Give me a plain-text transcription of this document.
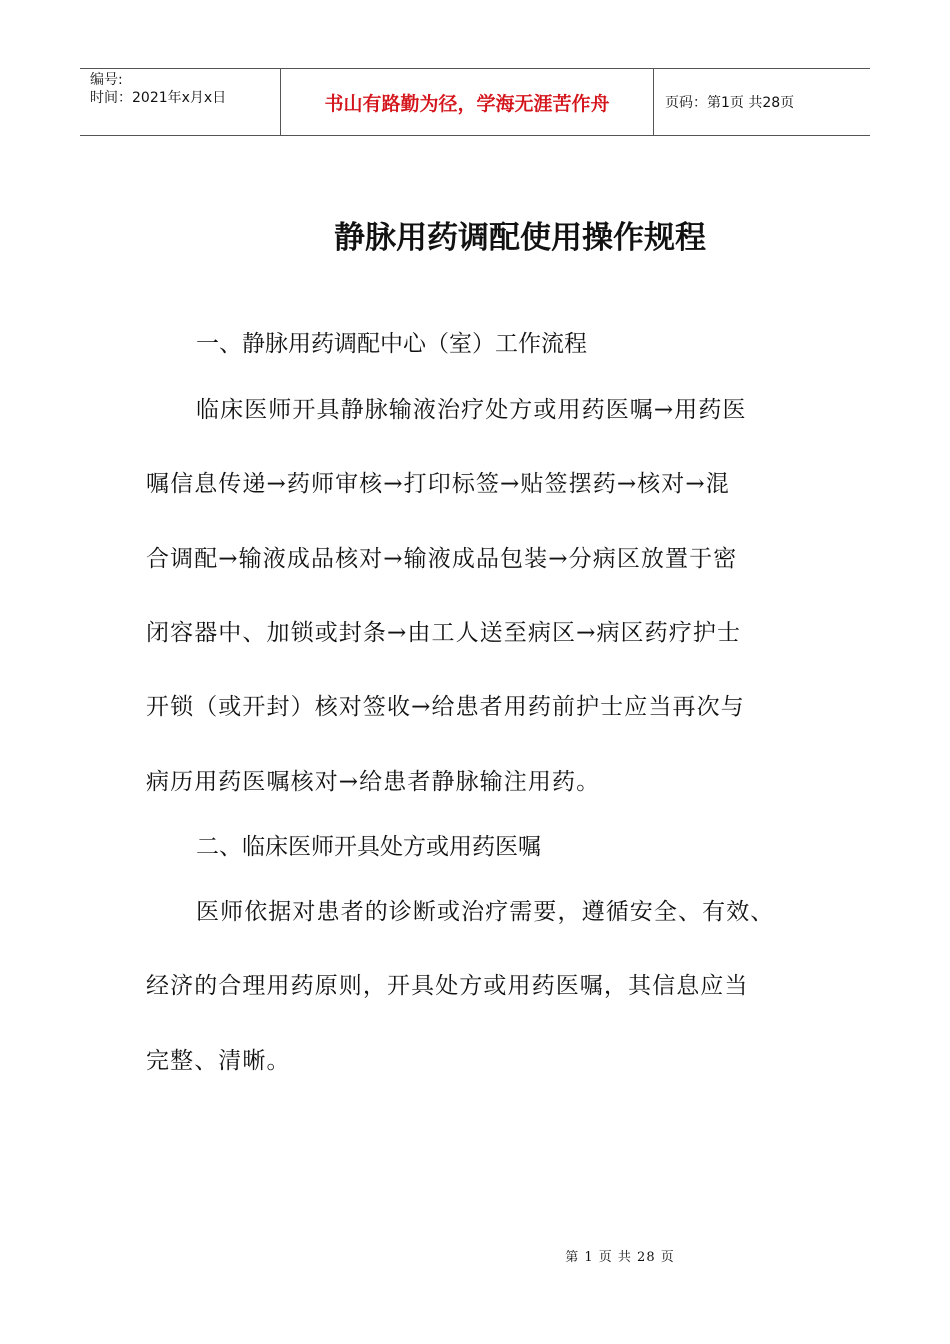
编号:
时间：2021年x月x日	书山有路勤为径，学海无涯苦作舟	页码：第1页 共28页
静脉用药调配使用操作规程
一、静脉用药调配中心（室）工作流程
临床医师开具静脉输液治疗处方或用药医嘱→用药医
嘱信息传递→药师审核→打印标签→贴签摆药→核对→混
合调配→输液成品核对→输液成品包装→分病区放置于密
闭容器中、加锁或封条→由工人送至病区→病区药疗护士
开锁（或开封）核对签收→给患者用药前护士应当再次与
病历用药医嘱核对→给患者静脉输注用药。
二、临床医师开具处方或用药医嘱
医师依据对患者的诊断或治疗需要，遵循安全、有效、
经济的合理用药原则，开具处方或用药医嘱，其信息应当
完整、清晰。
第 1 页 共 28 页
